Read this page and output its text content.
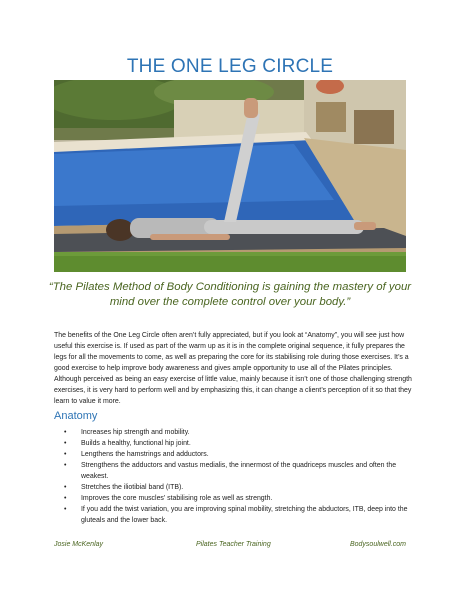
THE ONE LEG CIRCLE
“The Pilates Method of Body Conditioning is gaining the mastery of your mind over the complete control over your body.”
The benefits of the One Leg Circle often aren’t fully appreciated, but if you look at “Anatomy”, you will see just how useful this exercise is. If used as part of the warm up as it is in the complete original sequence, it fully prepares the legs for all the movements to come, as well as preparing the core for its stabilising role during those exercises. It’s a good exercise to help improve body awareness and gives ample opportunity to use all of the Pilates principles. Although perceived as being an easy exercise of little value, mainly because it isn’t one of those challenging strength exercises, it is very hard to perform well and by emphasizing this, it can change a client’s perception of it so that they learn to value it more.
Anatomy
• Increases hip strength and mobility.
• Builds a healthy, functional hip joint.
• Lengthens the hamstrings and adductors.
• Strengthens the adductors and vastus medialis, the innermost of the quadriceps muscles and often the weakest.
• Stretches the iliotibial band (ITB).
• Improves the core muscles’ stabilising role as well as strength.
• If you add the twist variation, you are improving spinal mobility, stretching the abductors, ITB, deep into the gluteals and the lower back.
Josie McKenlay	Pilates Teacher Training	Bodysoulwell.com
